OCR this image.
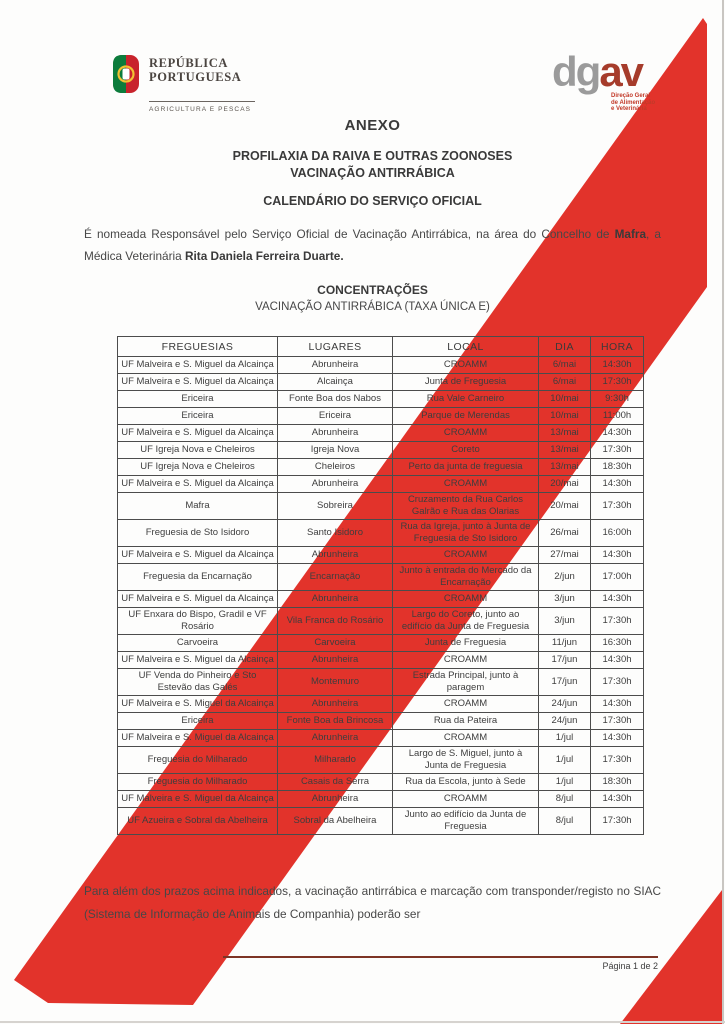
REPÚBLICA
PORTUGUESA
AGRICULTURA E PESCAS
dgav
Direção Geral
de Alimentação
e Veterinária
ANEXO
PROFILAXIA DA RAIVA E OUTRAS ZOONOSES
VACINAÇÃO ANTIRRÁBICA
CALENDÁRIO DO SERVIÇO OFICIAL
É nomeada Responsável pelo Serviço Oficial de Vacinação Antirrábica, na área do Concelho de Mafra, a Médica Veterinária Rita Daniela Ferreira Duarte.
CONCENTRAÇÕES
VACINAÇÃO ANTIRRÁBICA (TAXA ÚNICA E)
FREGUESIAS	LUGARES	LOCAL	DIA	HORA
UF Malveira e S. Miguel da Alcainça	Abrunheira	CROAMM	6/mai	14:30h
UF Malveira e S. Miguel da Alcainça	Alcainça	Junta de Freguesia	6/mai	17:30h
Ericeira	Fonte Boa dos Nabos	Rua Vale Carneiro	10/mai	9:30h
Ericeira	Ericeira	Parque de Merendas	10/mai	11:00h
UF Malveira e S. Miguel da Alcainça	Abrunheira	CROAMM	13/mai	14:30h
UF Igreja Nova e Cheleiros	Igreja Nova	Coreto	13/mai	17:30h
UF Igreja Nova e Cheleiros	Cheleiros	Perto da junta de freguesia	13/mai	18:30h
UF Malveira e S. Miguel da Alcainça	Abrunheira	CROAMM	20/mai	14:30h
Mafra	Sobreira	Cruzamento da Rua Carlos Galrão e Rua das Olarias	20/mai	17:30h
Freguesia de Sto Isidoro	Santo Isidoro	Rua da Igreja, junto à Junta de Freguesia de Sto Isidoro	26/mai	16:00h
UF Malveira e S. Miguel da Alcainça	Abrunheira	CROAMM	27/mai	14:30h
Freguesia da Encarnação	Encarnação	Junto à entrada do Mercado da Encarnação	2/jun	17:00h
UF Malveira e S. Miguel da Alcainça	Abrunheira	CROAMM	3/jun	14:30h
UF Enxara do Bispo, Gradil e VF Rosário	Vila Franca do Rosário	Largo do Coreto, junto ao edifício da Junta de Freguesia	3/jun	17:30h
Carvoeira	Carvoeira	Junta de Freguesia	11/jun	16:30h
UF Malveira e S. Miguel da Alcainça	Abrunheira	CROAMM	17/jun	14:30h
UF Venda do Pinheiro e Sto Estevão das Galés	Montemuro	Estrada Principal, junto à paragem	17/jun	17:30h
UF Malveira e S. Miguel da Alcainça	Abrunheira	CROAMM	24/jun	14:30h
Ericeira	Fonte Boa da Brincosa	Rua da Pateira	24/jun	17:30h
UF Malveira e S. Miguel da Alcainça	Abrunheira	CROAMM	1/jul	14:30h
Freguesia do Milharado	Milharado	Largo de S. Miguel, junto à Junta de Freguesia	1/jul	17:30h
Freguesia do Milharado	Casais da Serra	Rua da Escola, junto à Sede	1/jul	18:30h
UF Malveira e S. Miguel da Alcainça	Abrunheira	CROAMM	8/jul	14:30h
UF Azueira e Sobral da Abelheira	Sobral da Abelheira	Junto ao edifício da Junta de Freguesia	8/jul	17:30h
Para além dos prazos acima indicados, a vacinação antirrábica e marcação com transponder/registo no SIAC (Sistema de Informação de Animais de Companhia) poderão ser
Página 1 de 2
